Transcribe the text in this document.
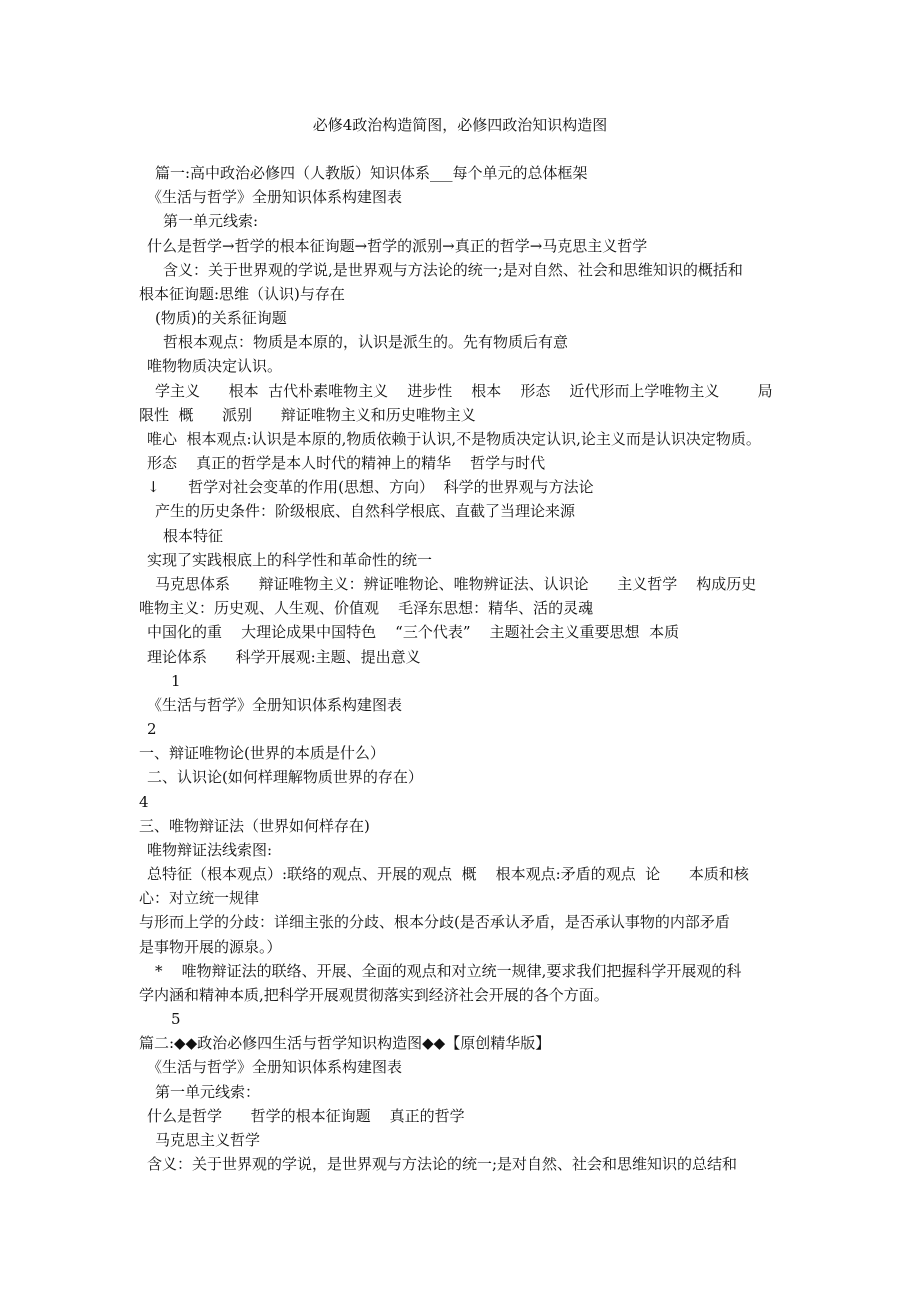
必修4政治构造简图，必修四政治知识构造图
篇一:高中政治必修四（人教版）知识体系___每个单元的总体框架
《生活与哲学》全册知识体系构建图表
第一单元线索:
什么是哲学→哲学的根本征询题→哲学的派别→真正的哲学→马克思主义哲学
含义：关于世界观的学说,是世界观与方法论的统一;是对自然、社会和思维知识的概括和
根本征询题:思维（认识)与存在
(物质)的关系征询题
哲根本观点：物质是本原的，认识是派生的。先有物质后有意
唯物物质决定认识。
学主义      根本  古代朴素唯物主义    进步性    根本    形态    近代形而上学唯物主义        局
限性  概      派别      辩证唯物主义和历史唯物主义
唯心  根本观点:认识是本原的,物质依赖于认识,不是物质决定认识,论主义而是认识决定物质。
形态    真正的哲学是本人时代的精神上的精华    哲学与时代
↓      哲学对社会变革的作用(思想、方向）  科学的世界观与方法论
产生的历史条件：阶级根底、自然科学根底、直截了当理论来源
根本特征
实现了实践根底上的科学性和革命性的统一
马克思体系      辩证唯物主义：辨证唯物论、唯物辨证法、认识论      主义哲学    构成历史
唯物主义：历史观、人生观、价值观    毛泽东思想：精华、活的灵魂
中国化的重    大理论成果中国特色    “三个代表”    主题社会主义重要思想  本质
理论体系      科学开展观:主题、提出意义
1
《生活与哲学》全册知识体系构建图表
2
一、辩证唯物论(世界的本质是什么）
二、认识论(如何样理解物质世界的存在）
4
三、唯物辩证法（世界如何样存在)
唯物辩证法线索图:
总特征（根本观点）:联络的观点、开展的观点  概    根本观点:矛盾的观点  论      本质和核
心：对立统一规律
与形而上学的分歧：详细主张的分歧、根本分歧(是否承认矛盾，是否承认事物的内部矛盾
是事物开展的源泉。）
*    唯物辩证法的联络、开展、全面的观点和对立统一规律,要求我们把握科学开展观的科
学内涵和精神本质,把科学开展观贯彻落实到经济社会开展的各个方面。
5
篇二:◆◆政治必修四生活与哲学知识构造图◆◆【原创精华版】
《生活与哲学》全册知识体系构建图表
第一单元线索：
什么是哲学      哲学的根本征询题    真正的哲学
马克思主义哲学
含义：关于世界观的学说，是世界观与方法论的统一;是对自然、社会和思维知识的总结和
